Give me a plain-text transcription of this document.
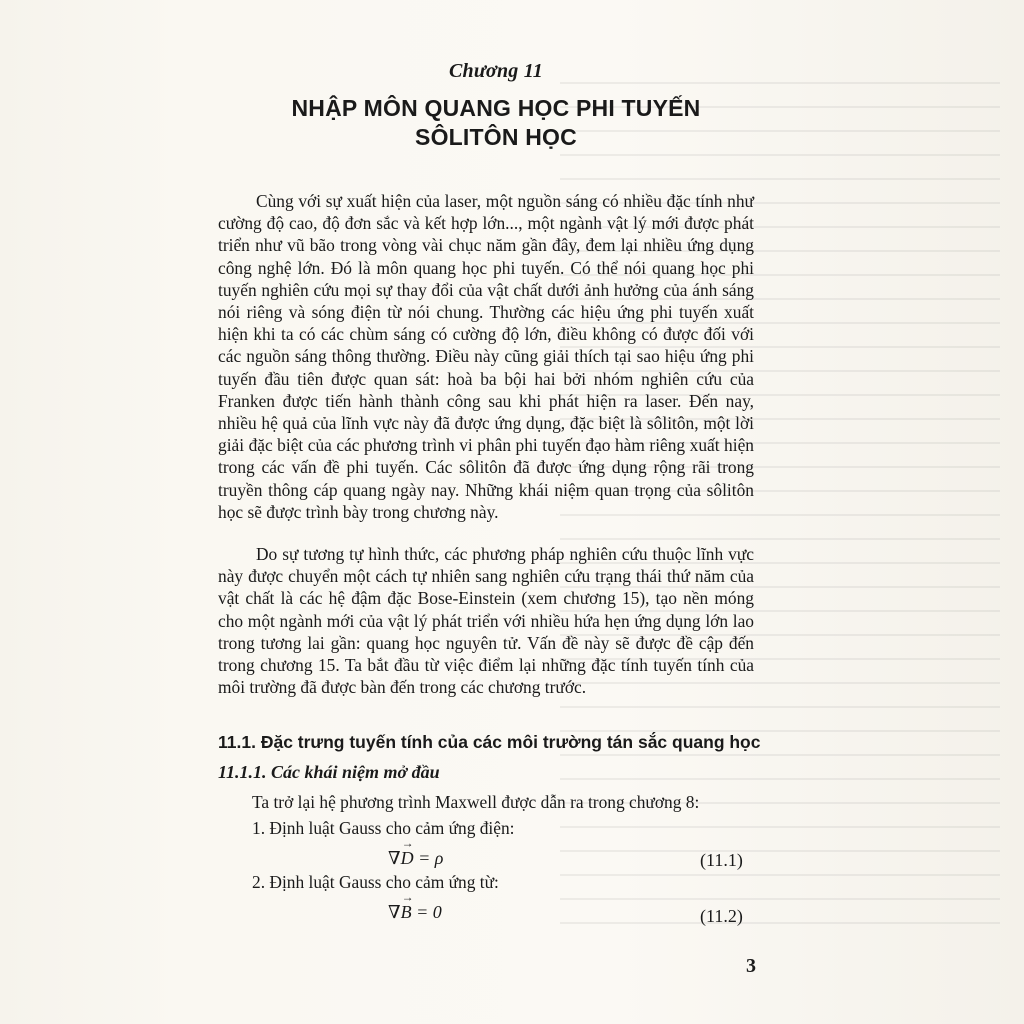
Chương 11
NHẬP MÔN QUANG HỌC PHI TUYẾN
SÔLITÔN HỌC

Cùng với sự xuất hiện của laser, một nguồn sáng có nhiều đặc tính như cường độ cao, độ đơn sắc và kết hợp lớn..., một ngành vật lý mới được phát triển như vũ bão trong vòng vài chục năm gần đây, đem lại nhiều ứng dụng công nghệ lớn. Đó là môn quang học phi tuyến. Có thể nói quang học phi tuyến nghiên cứu mọi sự thay đổi của vật chất dưới ảnh hưởng của ánh sáng nói riêng và sóng điện từ nói chung. Thường các hiệu ứng phi tuyến xuất hiện khi ta có các chùm sáng có cường độ lớn, điều không có được đối với các nguồn sáng thông thường. Điều này cũng giải thích tại sao hiệu ứng phi tuyến đầu tiên được quan sát: hoà ba bội hai bởi nhóm nghiên cứu của Franken được tiến hành thành công sau khi phát hiện ra laser. Đến nay, nhiều hệ quả của lĩnh vực này đã được ứng dụng, đặc biệt là sôlitôn, một lời giải đặc biệt của các phương trình vi phân phi tuyến đạo hàm riêng xuất hiện trong các vấn đề phi tuyến. Các sôlitôn đã được ứng dụng rộng rãi trong truyền thông cáp quang ngày nay. Những khái niệm quan trọng của sôlitôn học sẽ được trình bày trong chương này.

Do sự tương tự hình thức, các phương pháp nghiên cứu thuộc lĩnh vực này được chuyển một cách tự nhiên sang nghiên cứu trạng thái thứ năm của vật chất là các hệ đậm đặc Bose-Einstein (xem chương 15), tạo nền móng cho một ngành mới của vật lý phát triển với nhiều hứa hẹn ứng dụng lớn lao trong tương lai gần: quang học nguyên tử. Vấn đề này sẽ được đề cập đến trong chương 15. Ta bắt đầu từ việc điểm lại những đặc tính tuyến tính của môi trường đã được bàn đến trong các chương trước.

11.1. Đặc trưng tuyến tính của các môi trường tán sắc quang học
11.1.1. Các khái niệm mở đầu
Ta trở lại hệ phương trình Maxwell được dẫn ra trong chương 8:
1. Định luật Gauss cho cảm ứng điện:
∇→ D = ρ	(11.1)
2. Định luật Gauss cho cảm ứng từ:
∇→ B = 0	(11.2)
3
